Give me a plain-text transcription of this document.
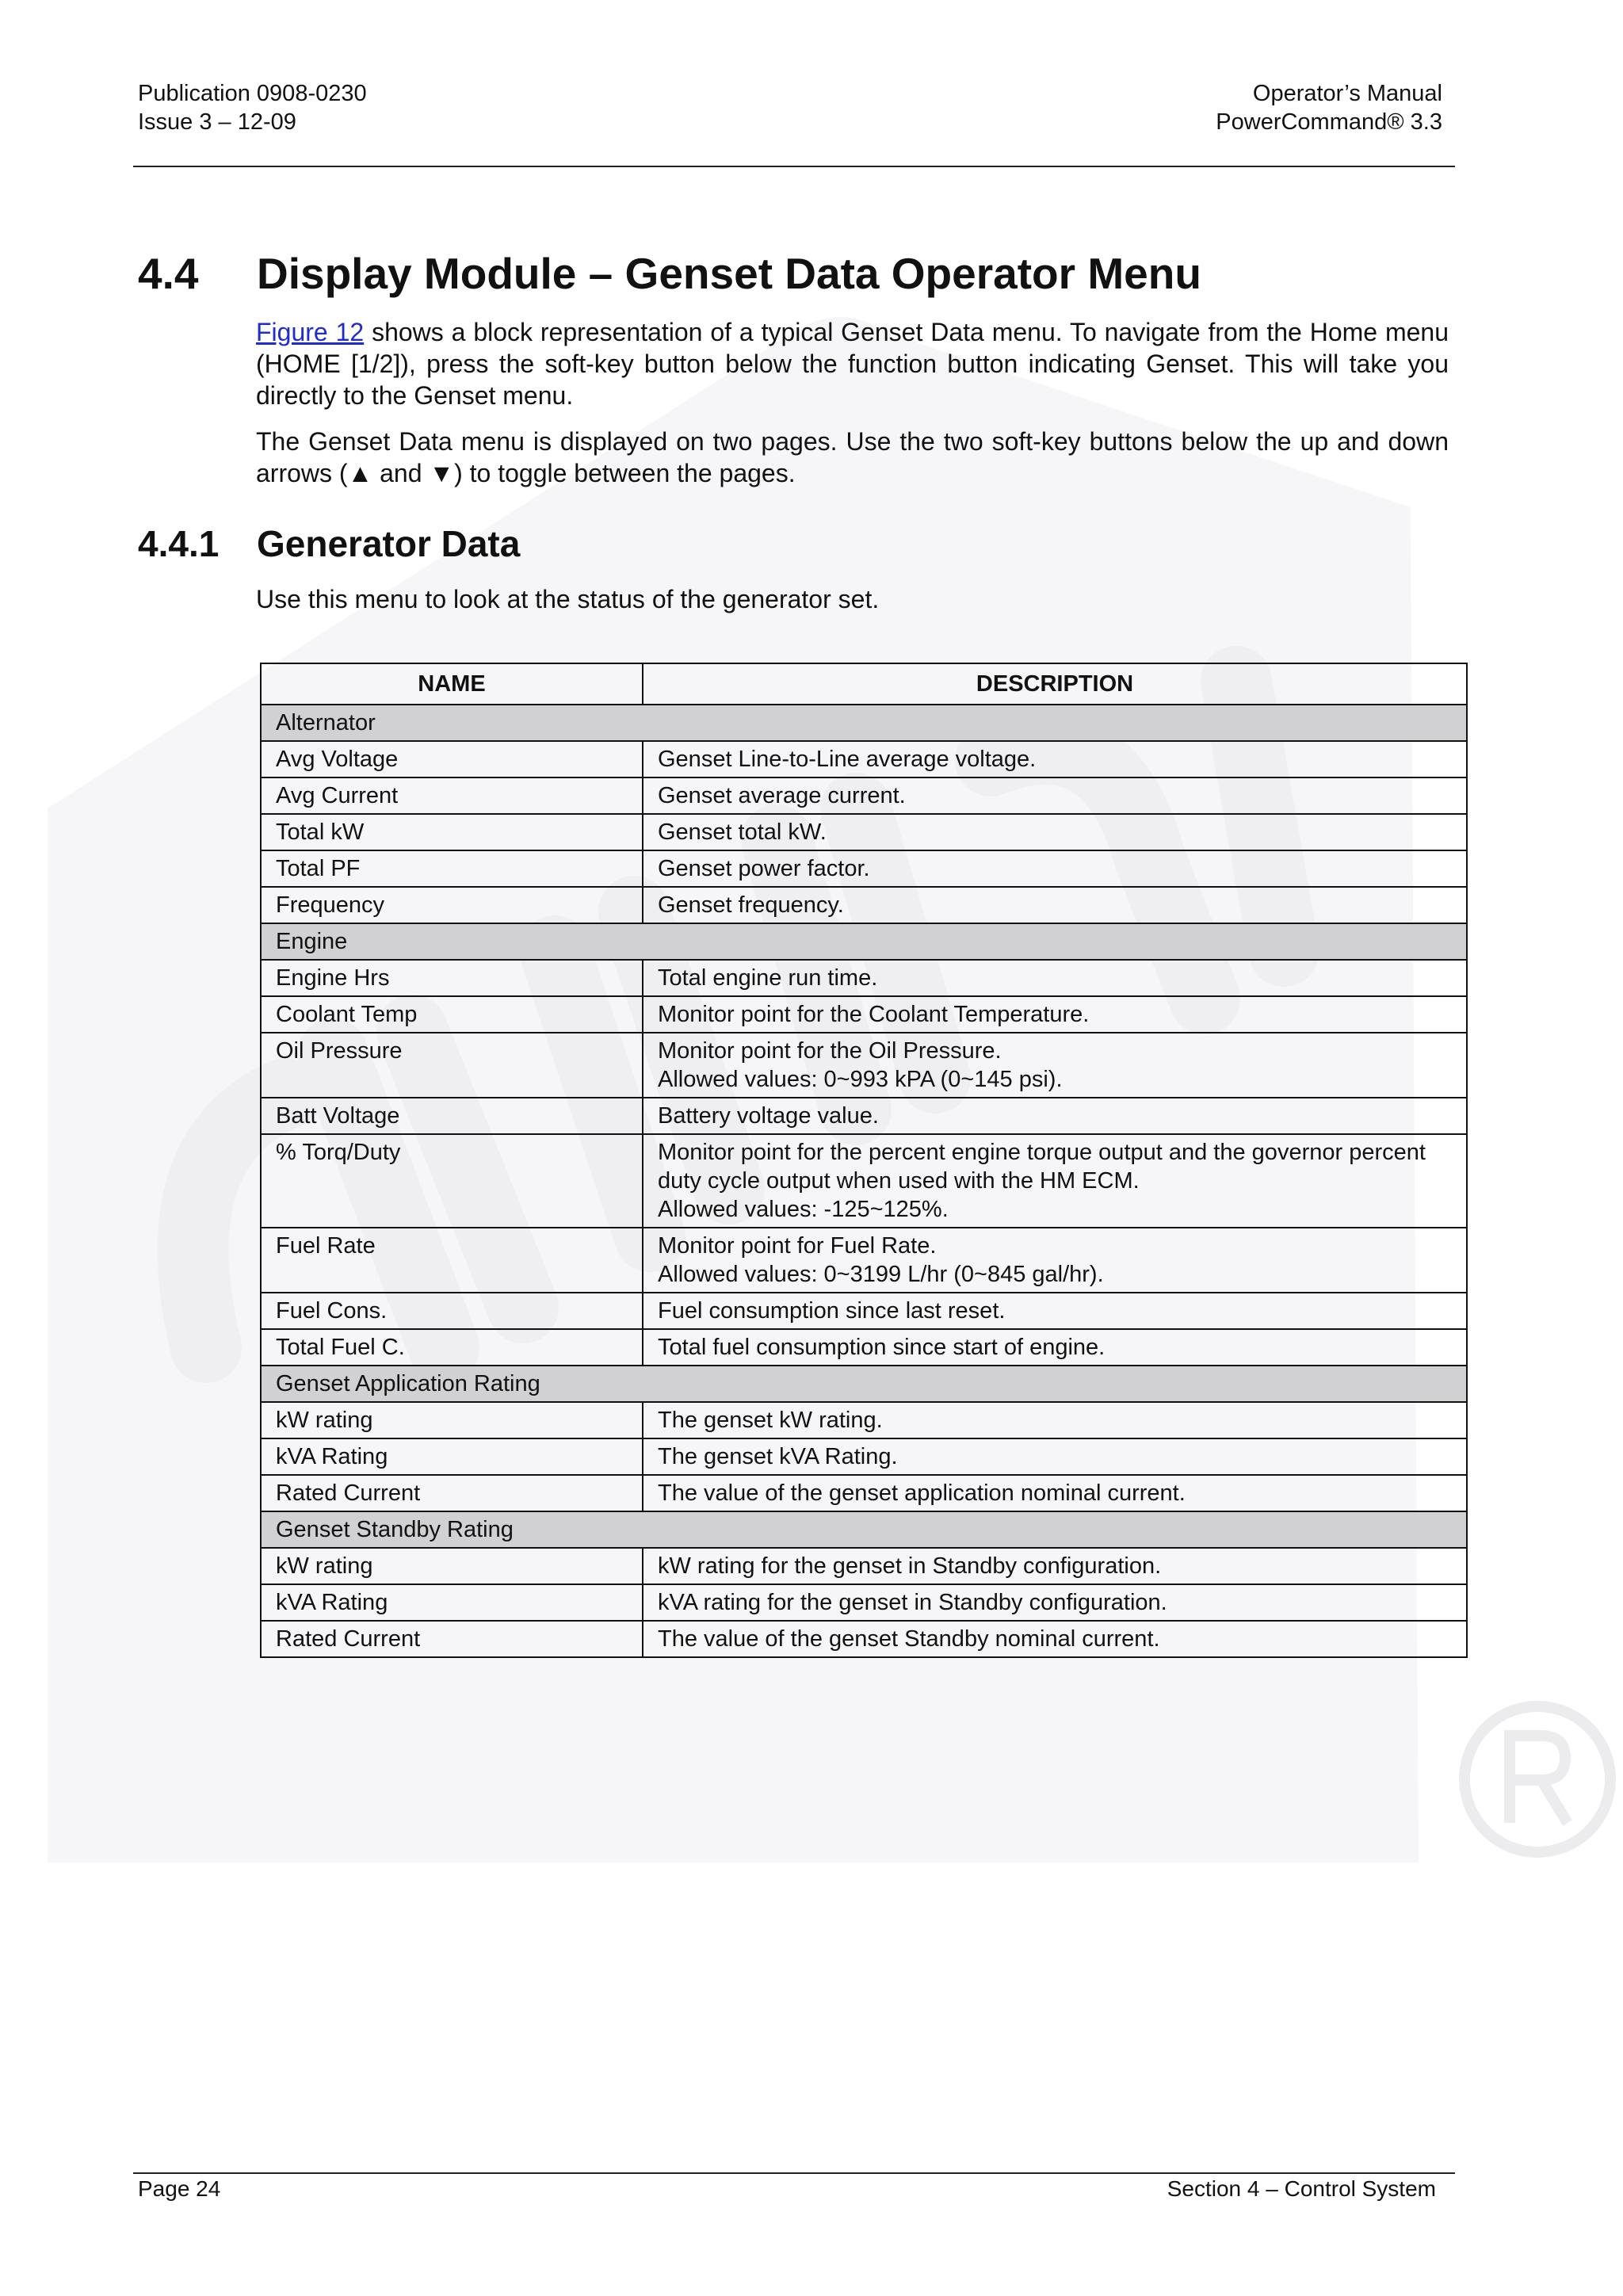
Publication 0908-0230
Issue 3 – 12-09
Operator’s Manual
PowerCommand® 3.3
4.4 Display Module – Genset Data Operator Menu

Figure 12 shows a block representation of a typical Genset Data menu. To navigate from the Home menu (HOME [1/2]), press the soft-key button below the function button indicating Genset. This will take you directly to the Genset menu.

The Genset Data menu is displayed on two pages. Use the two soft-key buttons below the up and down arrows (▲ and ▼) to toggle between the pages.

4.4.1 Generator Data

Use this menu to look at the status of the generator set.

NAME	DESCRIPTION
Alternator	
Avg Voltage	Genset Line-to-Line average voltage.
Avg Current	Genset average current.
Total kW	Genset total kW.
Total PF	Genset power factor.
Frequency	Genset frequency.
Engine	
Engine Hrs	Total engine run time.
Coolant Temp	Monitor point for the Coolant Temperature.
Oil Pressure	Monitor point for the Oil Pressure.
Allowed values: 0~993 kPA (0~145 psi).
Batt Voltage	Battery voltage value.
% Torq/Duty	Monitor point for the percent engine torque output and the governor percent duty cycle output when used with the HM ECM.
Allowed values: -125~125%.
Fuel Rate	Monitor point for Fuel Rate.
Allowed values: 0~3199 L/hr (0~845 gal/hr).
Fuel Cons.	Fuel consumption since last reset.
Total Fuel C.	Total fuel consumption since start of engine.
Genset Application Rating	
kW rating	The genset kW rating.
kVA Rating	The genset kVA Rating.
Rated Current	The value of the genset application nominal current.
Genset Standby Rating	
kW rating	kW rating for the genset in Standby configuration.
kVA Rating	kVA rating for the genset in Standby configuration.
Rated Current	The value of the genset Standby nominal current.
Page 24	Section 4 – Control System
